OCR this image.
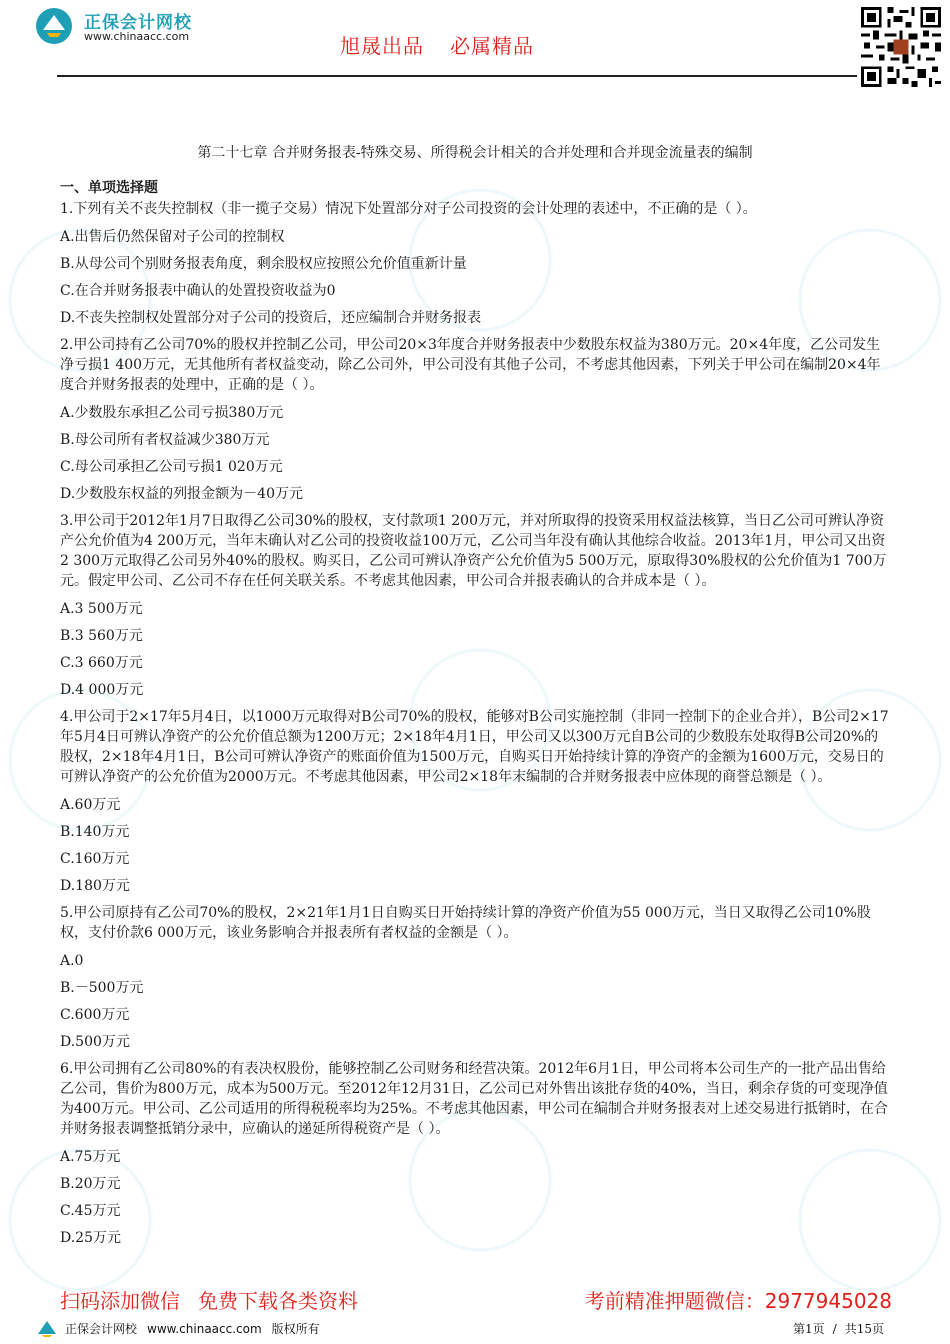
正保会计网校
www.chinaacc.com	旭晟出品 必属精品
第二十七章 合并财务报表-特殊交易、所得税会计相关的合并处理和合并现金流量表的编制
一、单项选择题
1.下列有关不丧失控制权（非一揽子交易）情况下处置部分对子公司投资的会计处理的表述中，不正确的是（ ）。
A.出售后仍然保留对子公司的控制权
B.从母公司个别财务报表角度，剩余股权应按照公允价值重新计量
C.在合并财务报表中确认的处置投资收益为0
D.不丧失控制权处置部分对子公司的投资后，还应编制合并财务报表
2.甲公司持有乙公司70%的股权并控制乙公司，甲公司20×3年度合并财务报表中少数股东权益为380万元。20×4年度，乙公司发生净亏损1 400万元，无其他所有者权益变动，除乙公司外，甲公司没有其他子公司，不考虑其他因素，下列关于甲公司在编制20×4年度合并财务报表的处理中，正确的是（ ）。
A.少数股东承担乙公司亏损380万元
B.母公司所有者权益减少380万元
C.母公司承担乙公司亏损1 020万元
D.少数股东权益的列报金额为－40万元
3.甲公司于2012年1月7日取得乙公司30%的股权，支付款项1 200万元，并对所取得的投资采用权益法核算，当日乙公司可辨认净资产公允价值为4 200万元，当年末确认对乙公司的投资收益100万元，乙公司当年没有确认其他综合收益。2013年1月，甲公司又出资2 300万元取得乙公司另外40%的股权。购买日，乙公司可辨认净资产公允价值为5 500万元，原取得30%股权的公允价值为1 700万元。假定甲公司、乙公司不存在任何关联关系。不考虑其他因素，甲公司合并报表确认的合并成本是（ ）。
A.3 500万元
B.3 560万元
C.3 660万元
D.4 000万元
4.甲公司于2×17年5月4日，以1000万元取得对B公司70%的股权，能够对B公司实施控制（非同一控制下的企业合并），B公司2×17年5月4日可辨认净资产的公允价值总额为1200万元；2×18年4月1日，甲公司又以300万元自B公司的少数股东处取得B公司20%的股权，2×18年4月1日，B公司可辨认净资产的账面价值为1500万元，自购买日开始持续计算的净资产的金额为1600万元，交易日的可辨认净资产的公允价值为2000万元。不考虑其他因素，甲公司2×18年末编制的合并财务报表中应体现的商誉总额是（ ）。
A.60万元
B.140万元
C.160万元
D.180万元
5.甲公司原持有乙公司70%的股权，2×21年1月1日自购买日开始持续计算的净资产价值为55 000万元，当日又取得乙公司10%股权，支付价款6 000万元，该业务影响合并报表所有者权益的金额是（ ）。
A.0
B.－500万元
C.600万元
D.500万元
6.甲公司拥有乙公司80%的有表决权股份，能够控制乙公司财务和经营决策。2012年6月1日，甲公司将本公司生产的一批产品出售给乙公司，售价为800万元，成本为500万元。至2012年12月31日，乙公司已对外售出该批存货的40%，当日，剩余存货的可变现净值为400万元。甲公司、乙公司适用的所得税税率均为25%。不考虑其他因素，甲公司在编制合并财务报表对上述交易进行抵销时，在合并财务报表调整抵销分录中，应确认的递延所得税资产是（ ）。
A.75万元
B.20万元
C.45万元
D.25万元
扫码添加微信 免费下载各类资料	考前精准押题微信：2977945028
正保会计网校 www.chinaacc.com 版权所有	第1页 / 共15页
